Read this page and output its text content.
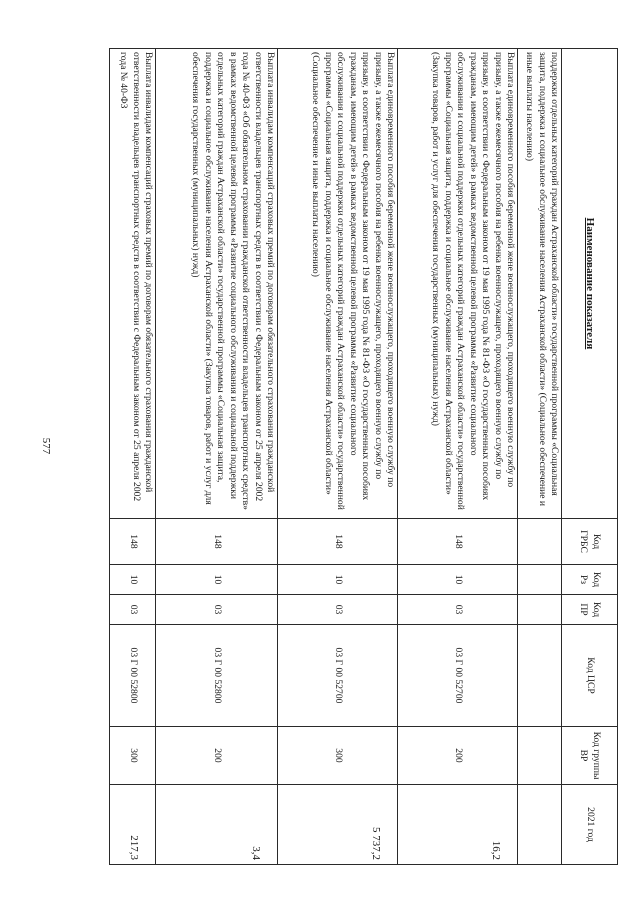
577
Наименование показателя	Код ГРБС	Код Рз	Код ПР	Код ЦСР	Код группы ВР	2021 год
поддержки отдельных категорий граждан Астраханской области» государственной программы «Социальная защита, поддержка и социальное обслуживание населения Астраханской области» (Социальное обеспечение и иные выплаты населению)						
Выплата единовременного пособия беременной жене военнослужащего, проходящего военную службу по призыву, а также ежемесячного пособия на ребенка военнослужащего, проходящего военную службу по призыву, в соответствии с Федеральным законом от 19 мая 1995 года № 81-ФЗ «О государственных пособиях гражданам, имеющим детей» в рамках ведомственной целевой программы «Развитие социального обслуживания и социальной поддержки отдельных категорий граждан Астраханской области» государственной программы «Социальная защита, поддержка и социальное обслуживание населения Астраханской области» (Закупка товаров, работ и услуг для обеспечения государственных (муниципальных) нужд)	148	10	03	03 Г 00 52700	200	16,2
Выплата единовременного пособия беременной жене военнослужащего, проходящего военную службу по призыву, а также ежемесячного пособия на ребенка военнослужащего, проходящего военную службу по призыву, в соответствии с Федеральным законом от 19 мая 1995 года № 81-ФЗ «О государственных пособиях гражданам, имеющим детей» в рамках ведомственной целевой программы «Развитие социального обслуживания и социальной поддержки отдельных категорий граждан Астраханской области» государственной программы «Социальная защита, поддержка и социальное обслуживание населения Астраханской области» (Социальное обеспечение и иные выплаты населению)	148	10	03	03 Г 00 52700	300	5 737,2
Выплата инвалидам компенсаций страховых премий по договорам обязательного страхования гражданской ответственности владельцев транспортных средств в соответствии с Федеральным законом от 25 апреля 2002 года № 40-ФЗ «Об обязательном страховании гражданской ответственности владельцев транспортных средств» в рамках ведомственной целевой программы «Развитие социального обслуживания и социальной поддержки отдельных категорий граждан Астраханской области» государственной программы «Социальная защита, поддержка и социальное обслуживание населения Астраханской области» (Закупка товаров, работ и услуг для обеспечения государственных (муниципальных) нужд)	148	10	03	03 Г 00 52800	200	3,4
Выплата инвалидам компенсаций страховых премий по договорам обязательного страхования гражданской ответственности владельцев транспортных средств в соответствии с Федеральным законом от 25 апреля 2002 года № 40-ФЗ	148	10	03	03 Г 00 52800	300	217,3
